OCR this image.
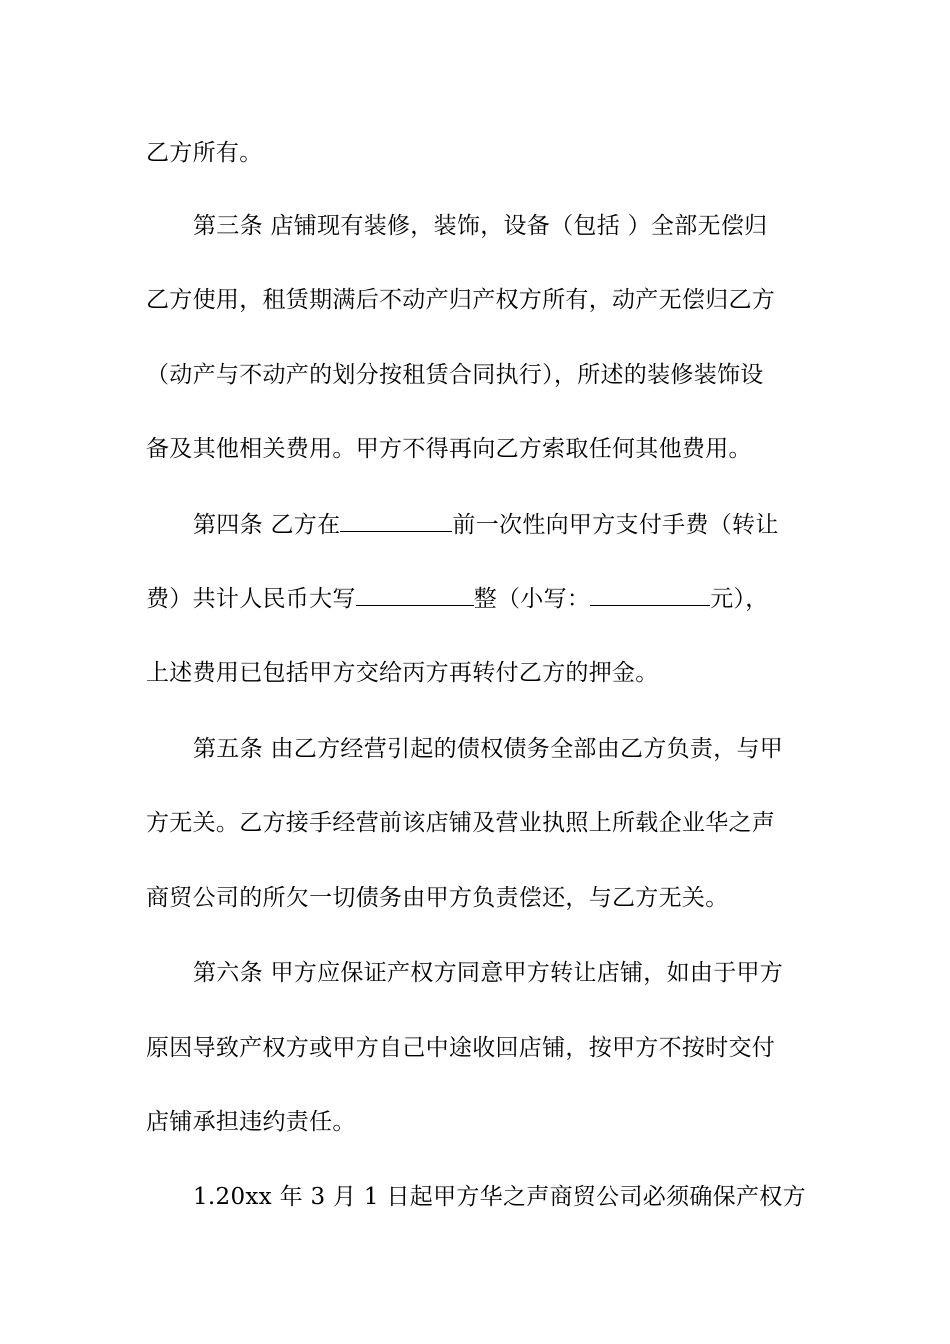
乙方所有。
第三条 店铺现有装修，装饰，设备（包括 ）全部无偿归
乙方使用，租赁期满后不动产归产权方所有，动产无偿归乙方
（动产与不动产的划分按租赁合同执行），所述的装修装饰设
备及其他相关费用。甲方不得再向乙方索取任何其他费用。
第四条 乙方在	前一次性向甲方支付手费（转让
费）共计人民币大写	整（小写：	元），
上述费用已包括甲方交给丙方再转付乙方的押金。
第五条 由乙方经营引起的债权债务全部由乙方负责，与甲
方无关。乙方接手经营前该店铺及营业执照上所载企业华之声
商贸公司的所欠一切债务由甲方负责偿还，与乙方无关。
第六条 甲方应保证产权方同意甲方转让店铺，如由于甲方
原因导致产权方或甲方自己中途收回店铺，按甲方不按时交付
店铺承担违约责任。
1.20xx 年 3 月 1 日起甲方华之声商贸公司必须确保产权方
